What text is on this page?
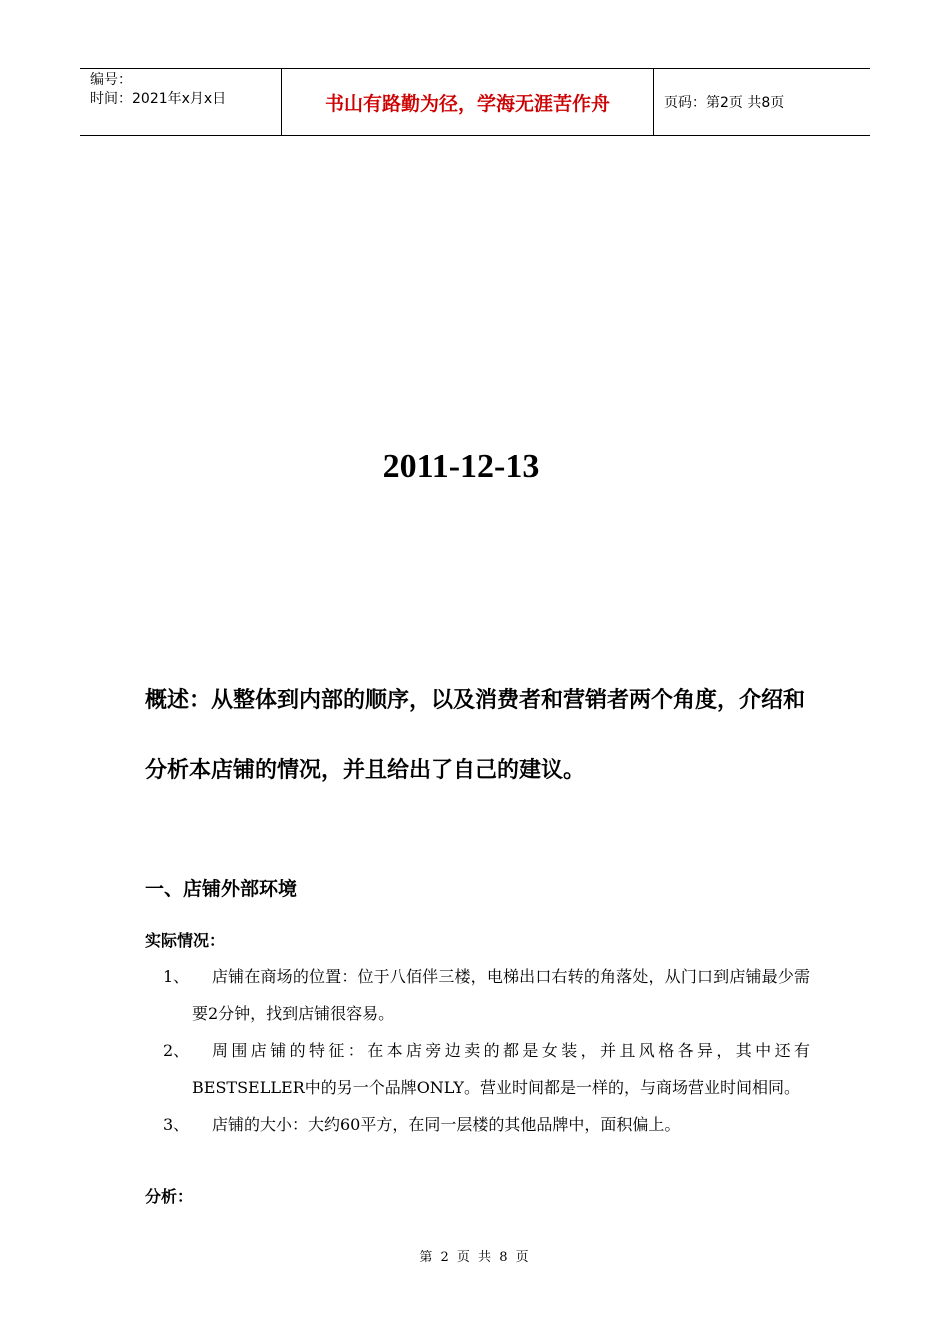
编号：
时间：2021年x月x日	书山有路勤为径，学海无涯苦作舟	页码：第2页 共8页
2011-12-13
概述：从整体到内部的顺序，以及消费者和营销者两个角度，介绍和分析本店铺的情况，并且给出了自己的建议。
一、店铺外部环境
实际情况：
1、	店铺在商场的位置：位于八佰伴三楼，电梯出口右转的角落处，从门口到店铺最少需要2分钟，找到店铺很容易。
2、	周围店铺的特征：在本店旁边卖的都是女装，并且风格各异，其中还有BESTSELLER中的另一个品牌ONLY。营业时间都是一样的，与商场营业时间相同。
3、	店铺的大小：大约60平方，在同一层楼的其他品牌中，面积偏上。
分析：
第 2 页 共 8 页
